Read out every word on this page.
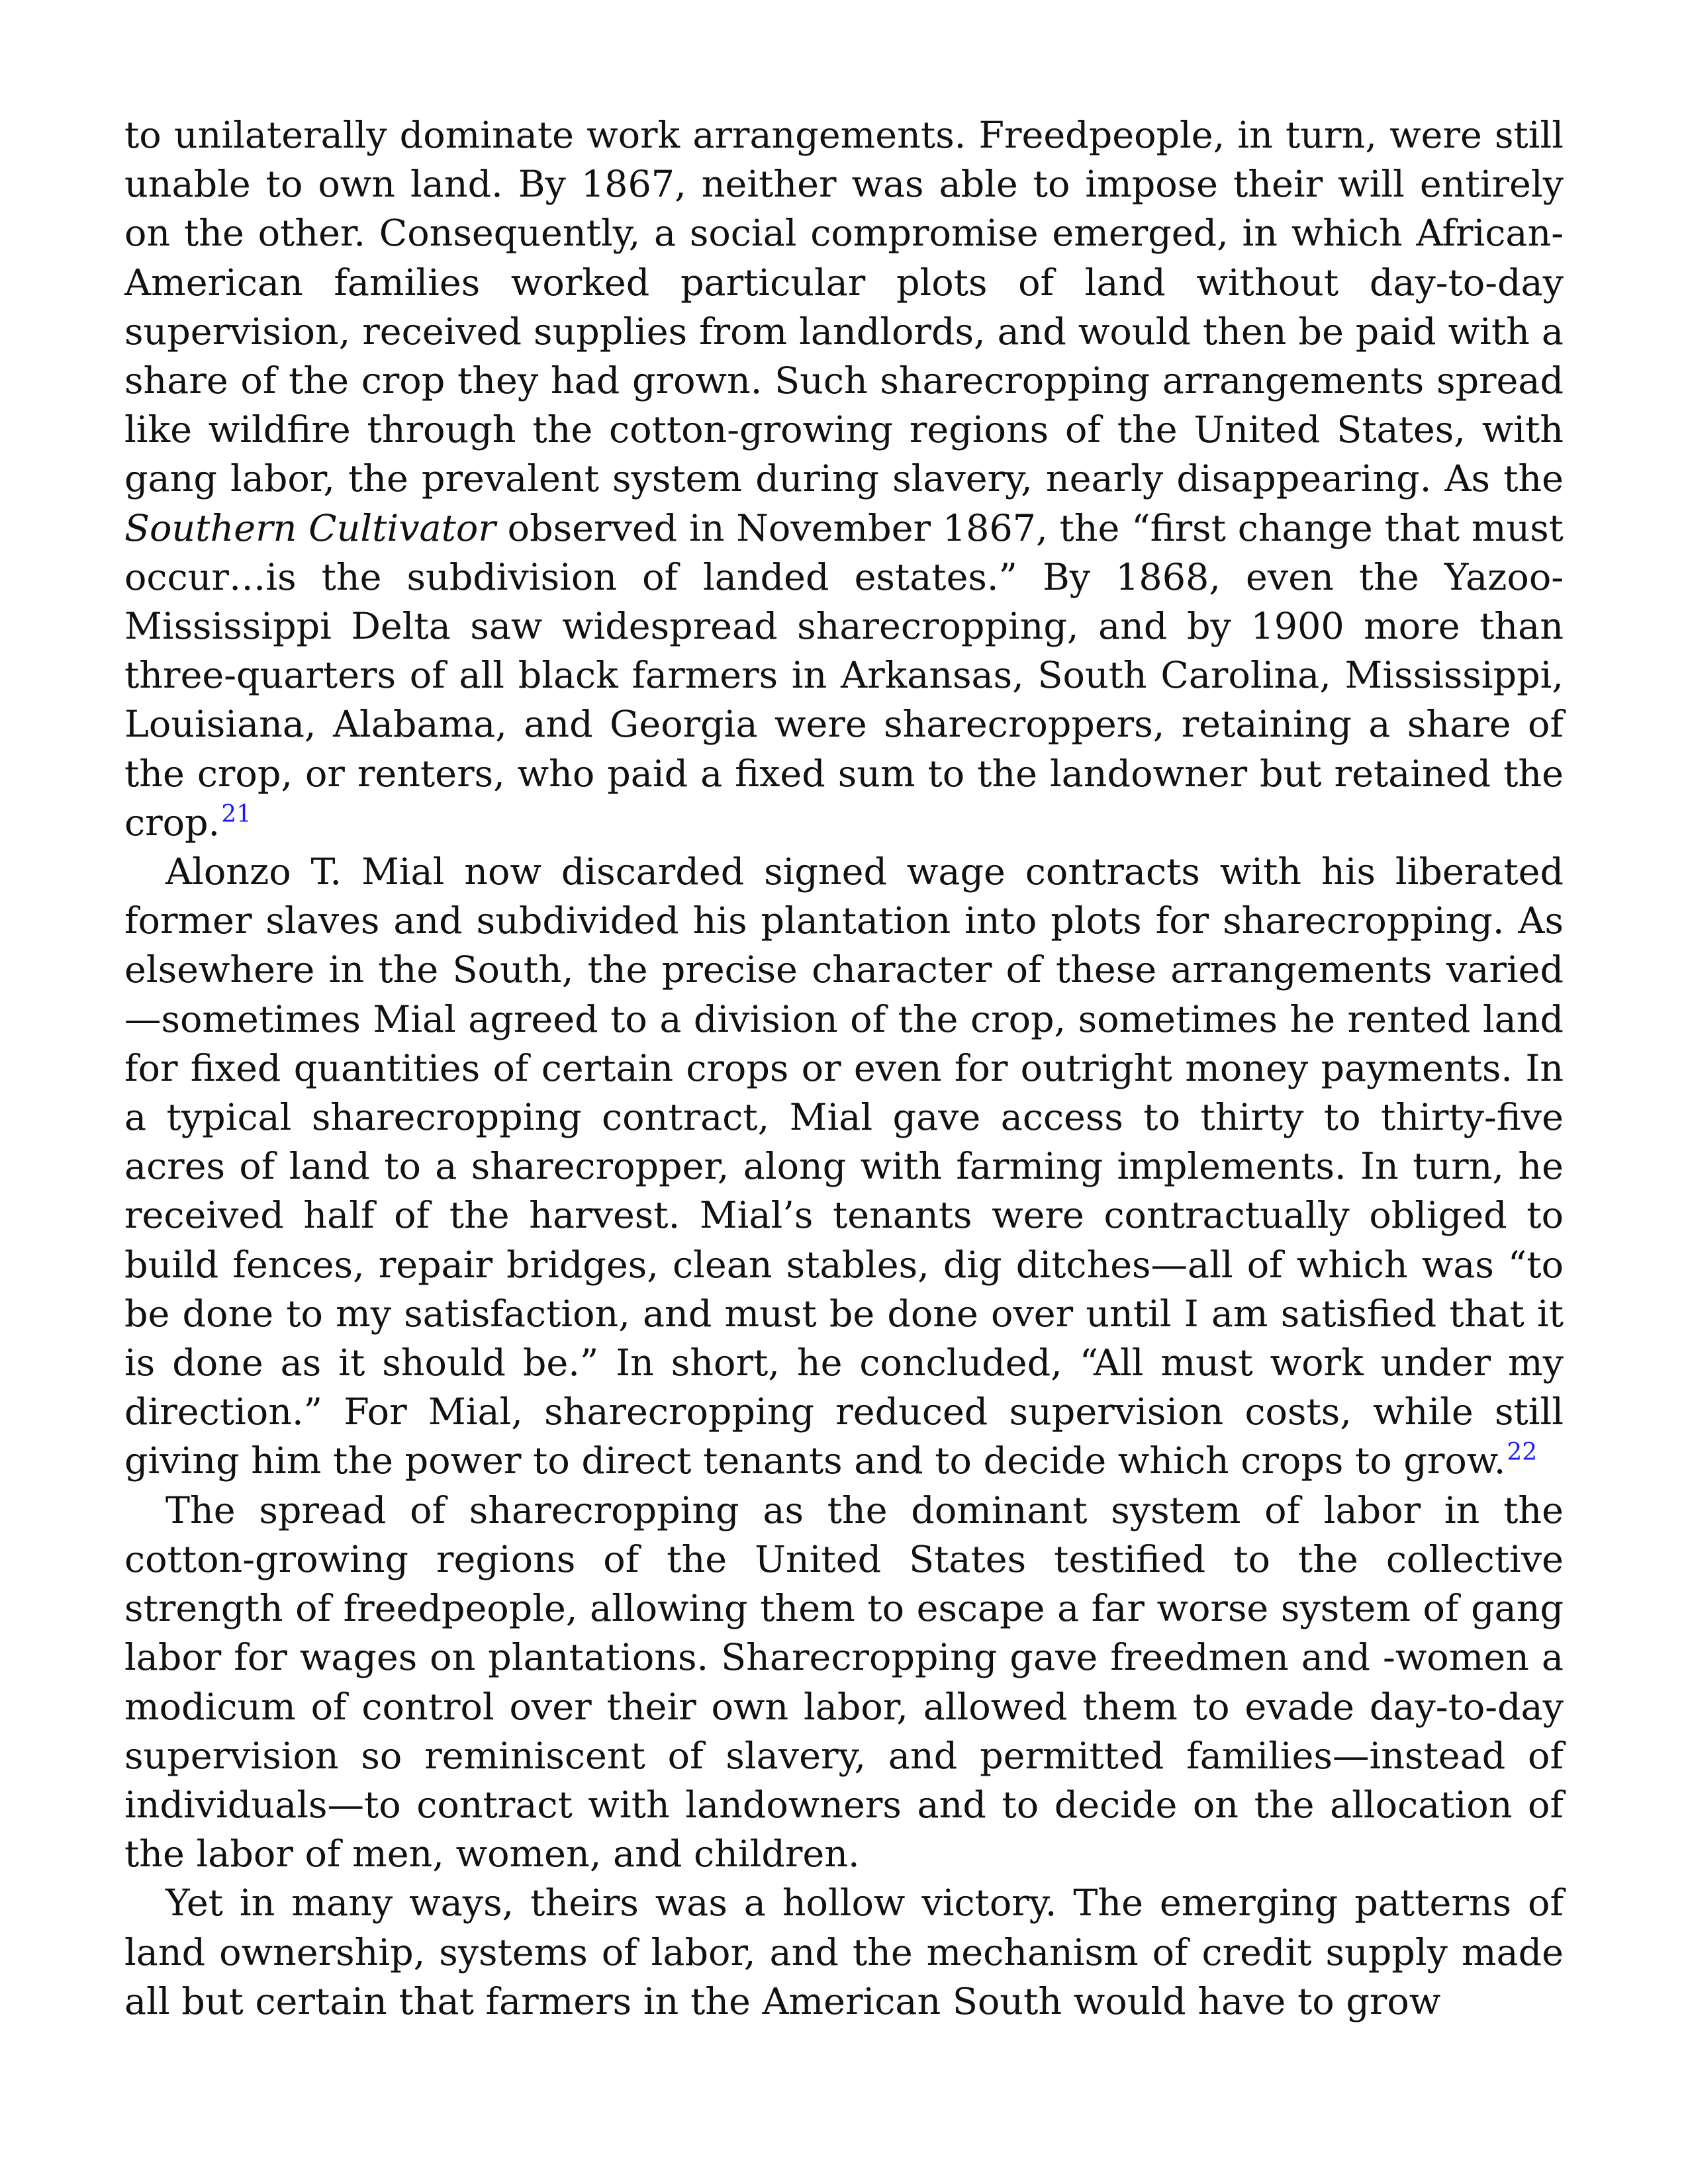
to unilaterally dominate work arrangements. Freedpeople, in turn, were still unable to own land. By 1867, neither was able to impose their will entirely on the other. Consequently, a social compromise emerged, in which African-American families worked particular plots of land without day-to-day supervision, received supplies from landlords, and would then be paid with a share of the crop they had grown. Such sharecropping arrangements spread like wildfire through the cotton-growing regions of the United States, with gang labor, the prevalent system during slavery, nearly disappearing. As the Southern Cultivator observed in November 1867, the “first change that must occur…is the subdivision of landed estates.” By 1868, even the Yazoo-Mississippi Delta saw widespread sharecropping, and by 1900 more than three-quarters of all black farmers in Arkansas, South Carolina, Mississippi, Louisiana, Alabama, and Georgia were sharecroppers, retaining a share of the crop, or renters, who paid a fixed sum to the landowner but retained the crop.$^{21}$

Alonzo T. Mial now discarded signed wage contracts with his liberated former slaves and subdivided his plantation into plots for sharecropping. As elsewhere in the South, the precise character of these arrangements varied—sometimes Mial agreed to a division of the crop, sometimes he rented land for fixed quantities of certain crops or even for outright money payments. In a typical sharecropping contract, Mial gave access to thirty to thirty-five acres of land to a sharecropper, along with farming implements. In turn, he received half of the harvest. Mial’s tenants were contractually obliged to build fences, repair bridges, clean stables, dig ditches—all of which was “to be done to my satisfaction, and must be done over until I am satisfied that it is done as it should be.” In short, he concluded, “All must work under my direction.” For Mial, sharecropping reduced supervision costs, while still giving him the power to direct tenants and to decide which crops to grow.$^{22}$

The spread of sharecropping as the dominant system of labor in the cotton-growing regions of the United States testified to the collective strength of freedpeople, allowing them to escape a far worse system of gang labor for wages on plantations. Sharecropping gave freedmen and -women a modicum of control over their own labor, allowed them to evade day-to-day supervision so reminiscent of slavery, and permitted families—instead of individuals—to contract with landowners and to decide on the allocation of the labor of men, women, and children.

Yet in many ways, theirs was a hollow victory. The emerging patterns of land ownership, systems of labor, and the mechanism of credit supply made all but certain that farmers in the American South would have to grow
